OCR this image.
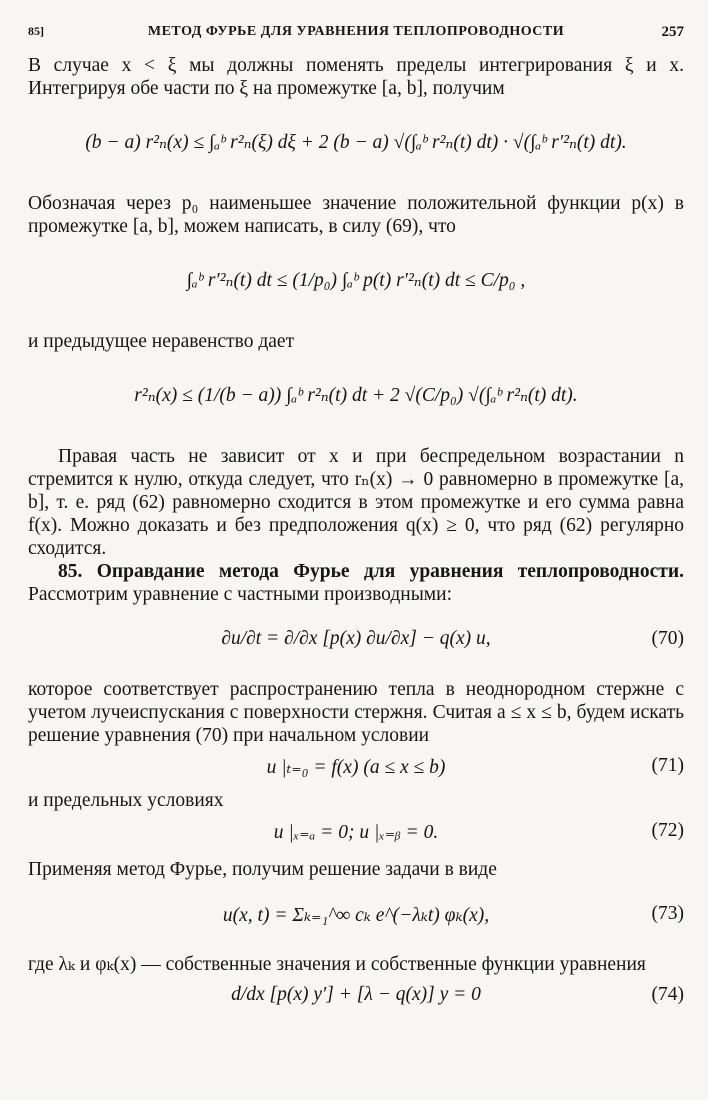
85]	МЕТОД ФУРЬЕ ДЛЯ УРАВНЕНИЯ ТЕПЛОПРОВОДНОСТИ	257

В случае x < ξ мы должны поменять пределы интегрирования ξ и x. Интегрируя обе части по ξ на промежутке [a, b], получим

(b − a) r²ₙ(x) ≤ ∫ₐᵇ r²ₙ(ξ) dξ + 2 (b − a) √(∫ₐᵇ r²ₙ(t) dt) · √(∫ₐᵇ r′²ₙ(t) dt).

Обозначая через p₀ наименьшее значение положительной функции p(x) в промежутке [a, b], можем написать, в силу (69), что

∫ₐᵇ r′²ₙ(t) dt ≤ (1/p₀) ∫ₐᵇ p(t) r′²ₙ(t) dt ≤ C/p₀ ,

и предыдущее неравенство дает

r²ₙ(x) ≤ (1/(b − a)) ∫ₐᵇ r²ₙ(t) dt + 2 √(C/p₀) √(∫ₐᵇ r²ₙ(t) dt).

Правая часть не зависит от x и при беспредельном возрастании n стремится к нулю, откуда следует, что rₙ(x) → 0 равномерно в промежутке [a, b], т. е. ряд (62) равномерно сходится в этом промежутке и его сумма равна f(x). Можно доказать и без предположения q(x) ≥ 0, что ряд (62) регулярно сходится.

85. Оправдание метода Фурье для уравнения теплопроводности. Рассмотрим уравнение с частными производными:

∂u/∂t = ∂/∂x [p(x) ∂u/∂x] − q(x) u,	(70)

которое соответствует распространению тепла в неоднородном стержне с учетом лучеиспускания с поверхности стержня. Считая a ≤ x ≤ b, будем искать решение уравнения (70) при начальном условии

u |ₜ₌₀ = f(x) (a ≤ x ≤ b)	(71)

и предельных условиях

u |ₓ₌ₐ = 0; u |ₓ₌ᵦ = 0.	(72)

Применяя метод Фурье, получим решение задачи в виде

u(x, t) = Σₖ₌₁^∞ cₖ e^(−λₖt) φₖ(x),	(73)

где λₖ и φₖ(x) — собственные значения и собственные функции уравнения

d/dx [p(x) y′] + [λ − q(x)] y = 0	(74)
